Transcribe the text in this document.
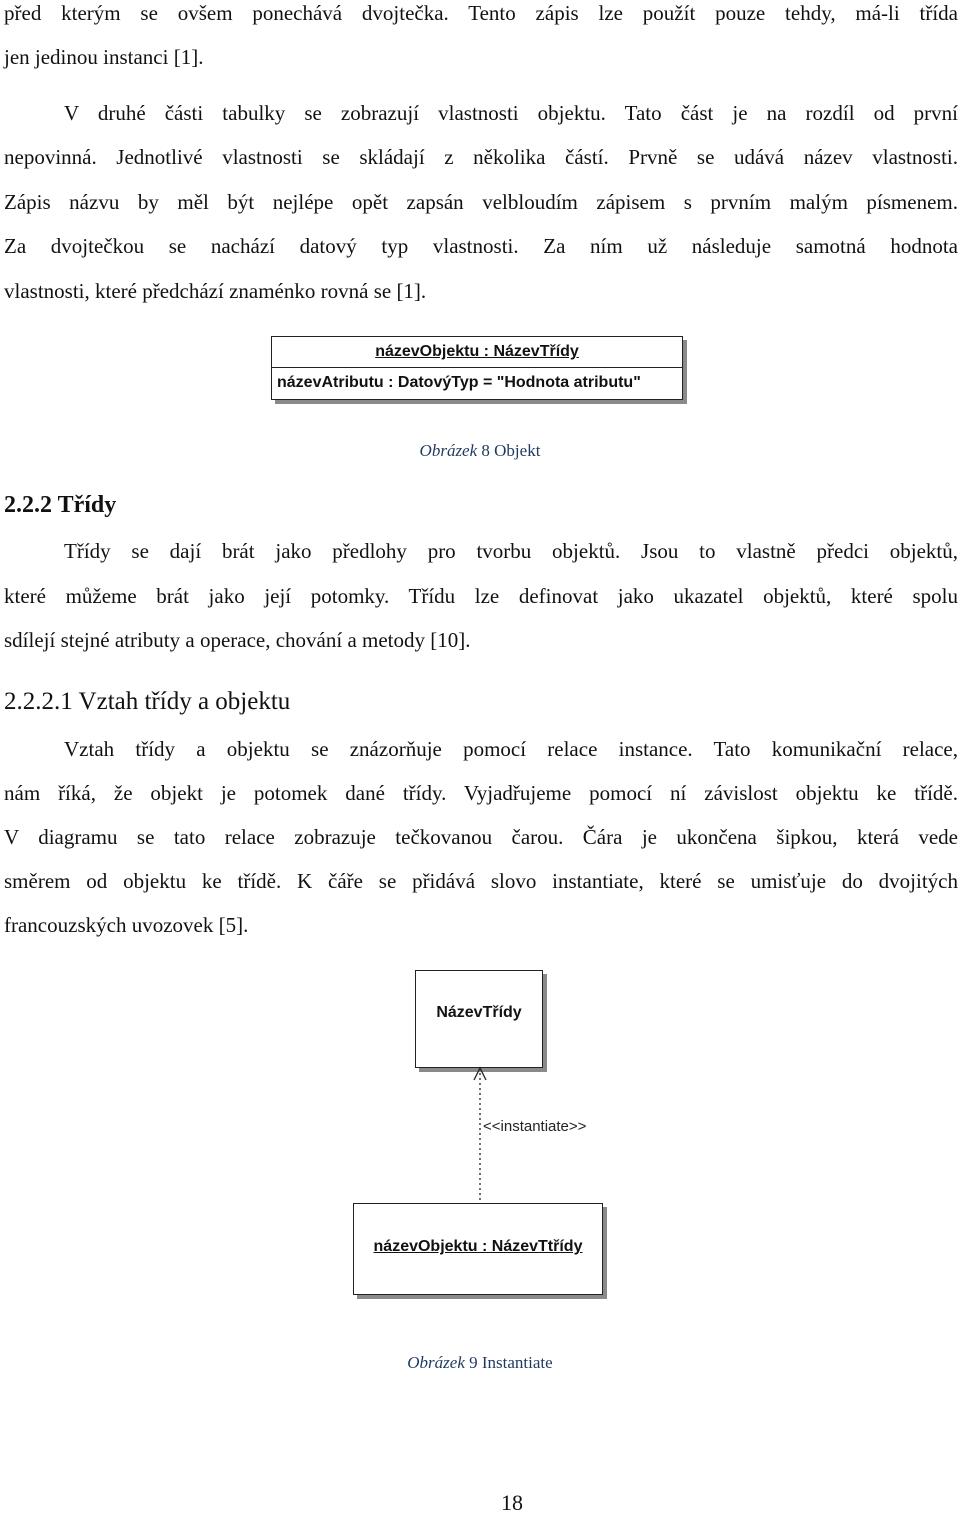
před kterým se ovšem ponechává dvojtečka. Tento zápis lze použít pouze tehdy, má-li třída
jen jedinou instanci [1].
V druhé části tabulky se zobrazují vlastnosti objektu. Tato část je na rozdíl od první
nepovinná. Jednotlivé vlastnosti se skládají z několika částí. Prvně se udává název vlastnosti.
Zápis názvu by měl být nejlépe opět zapsán velbloudím zápisem s prvním malým písmenem.
Za dvojtečkou se nachází datový typ vlastnosti. Za ním už následuje samotná hodnota
vlastnosti, které předchází znaménko rovná se [1].
názevObjektu : NázevTřídy
názevAtributu : DatovýTyp = "Hodnota atributu"
Obrázek 8 Objekt
2.2.2 Třídy
Třídy se dají brát jako předlohy pro tvorbu objektů. Jsou to vlastně předci objektů,
které můžeme brát jako její potomky. Třídu lze definovat jako ukazatel objektů, které spolu
sdílejí stejné atributy a operace, chování a metody [10].
2.2.2.1 Vztah třídy a objektu
Vztah třídy a objektu se znázorňuje pomocí relace instance. Tato komunikační relace,
nám říká, že objekt je potomek dané třídy. Vyjadřujeme pomocí ní závislost objektu ke třídě.
V diagramu se tato relace zobrazuje tečkovanou čarou. Čára je ukončena šipkou, která vede
směrem od objektu ke třídě. K čáře se přidává slovo instantiate, které se umisťuje do dvojitých
francouzských uvozovek [5].
NázevTřídy
<<instantiate>>
názevObjektu : NázevTtřídy
Obrázek 9 Instantiate
18
